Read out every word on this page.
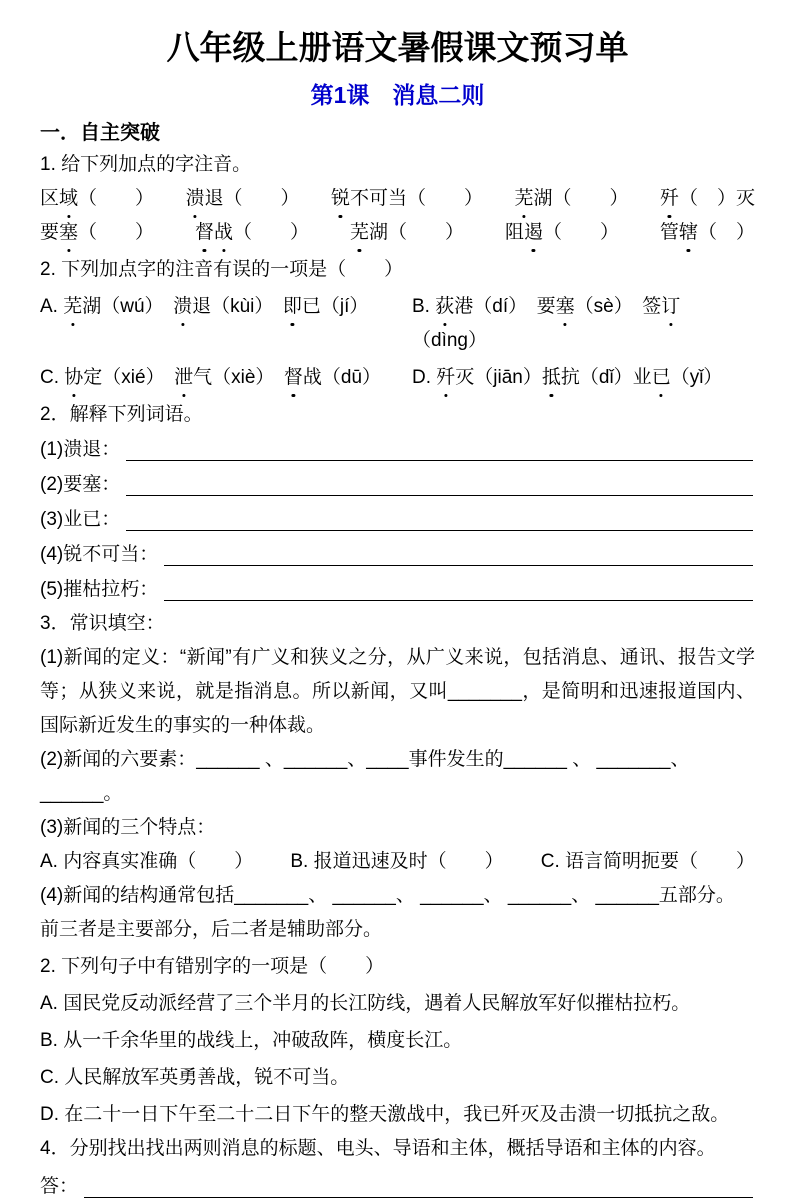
八年级上册语文暑假课文预习单
第1课　消息二则
一．自主突破
1. 给下列加点的字注音。
区域（　　） 溃退（　　） 锐不可当（　　） 芜湖（　　） 歼（　）灭
要塞（　　） 督战（　　） 芜湖（　　） 阻遏（　　） 管辖（　）
2. 下列加点字的注音有误的一项是（　　）
A. 芜湖（wú）　溃退（kùi）　即已（jí）	B. 荻港（dí）　要塞（sè）　签订（dìng）
C. 协定（xié）　泄气（xiè）　督战（dū）	D. 歼灭（jiān）抵抗（dǐ）业已（yǐ）
2．解释下列词语。
(1)溃退：
(2)要塞：
(3)业已：
(4)锐不可当：
(5)摧枯拉朽：
3．常识填空：
(1)新闻的定义：“新闻”有广义和狭义之分，从广义来说，包括消息、通讯、报告文学等；从狭义来说，就是指消息。所以新闻，又叫_______，是简明和迅速报道国内、国际新近发生的事实的一种体裁。
(2)新闻的六要素：______ 、______、____事件发生的______ 、 _______、______。
(3)新闻的三个特点：
A. 内容真实准确（　　） B. 报道迅速及时（　　） C. 语言简明扼要（　　）
(4)新闻的结构通常包括_______、 ______、 ______、 ______、 ______五部分。
前三者是主要部分，后二者是辅助部分。
2. 下列句子中有错别字的一项是（　　）
A. 国民党反动派经营了三个半月的长江防线，遇着人民解放军好似摧枯拉朽。
B. 从一千余华里的战线上，冲破敌阵，横度长江。
C. 人民解放军英勇善战，锐不可当。
D. 在二十一日下午至二十二日下午的整天激战中，我已歼灭及击溃一切抵抗之敌。
4．分别找出找出两则消息的标题、电头、导语和主体，概括导语和主体的内容。
答：
